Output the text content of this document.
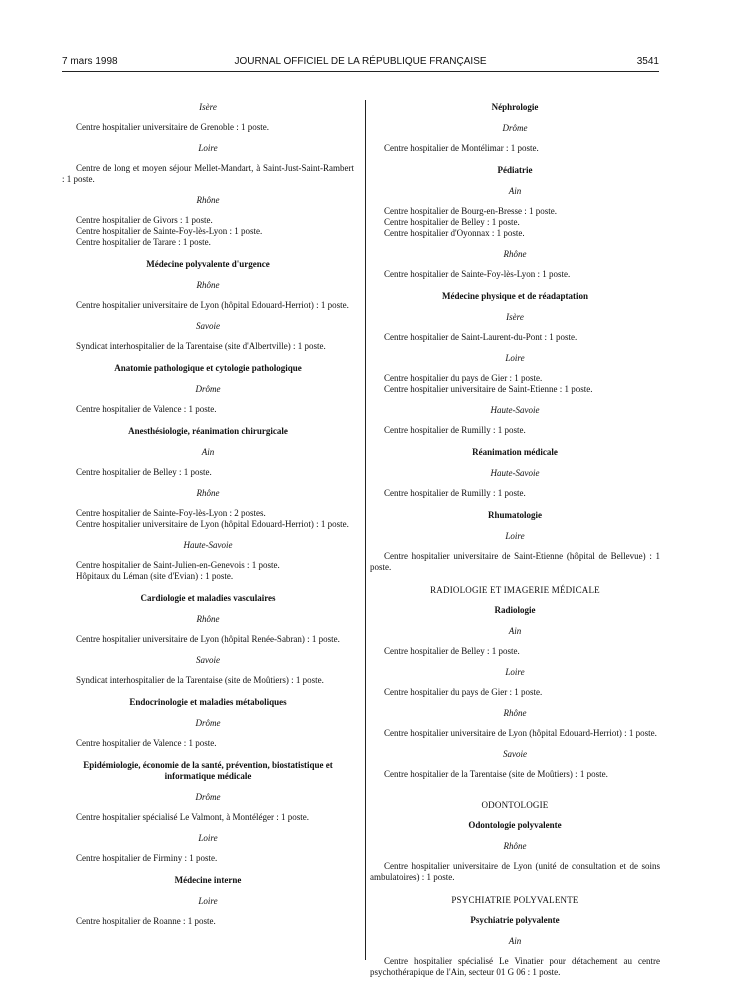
7 mars 1998	JOURNAL OFFICIEL DE LA RÉPUBLIQUE FRANÇAISE	3541

Isère

Centre hospitalier universitaire de Grenoble : 1 poste.

Loire

Centre de long et moyen séjour Mellet-Mandart, à Saint-Just-Saint-Rambert : 1 poste.

Rhône

Centre hospitalier de Givors : 1 poste.

Centre hospitalier de Sainte-Foy-lès-Lyon : 1 poste.

Centre hospitalier de Tarare : 1 poste.

Médecine polyvalente d'urgence

Rhône

Centre hospitalier universitaire de Lyon (hôpital Edouard-Herriot) : 1 poste.

Savoie

Syndicat interhospitalier de la Tarentaise (site d'Albertville) : 1 poste.

Anatomie pathologique et cytologie pathologique

Drôme

Centre hospitalier de Valence : 1 poste.

Anesthésiologie, réanimation chirurgicale

Ain

Centre hospitalier de Belley : 1 poste.

Rhône

Centre hospitalier de Sainte-Foy-lès-Lyon : 2 postes.

Centre hospitalier universitaire de Lyon (hôpital Edouard-Herriot) : 1 poste.

Haute-Savoie

Centre hospitalier de Saint-Julien-en-Genevois : 1 poste.

Hôpitaux du Léman (site d'Evian) : 1 poste.

Cardiologie et maladies vasculaires

Rhône

Centre hospitalier universitaire de Lyon (hôpital Renée-Sabran) : 1 poste.

Savoie

Syndicat interhospitalier de la Tarentaise (site de Moûtiers) : 1 poste.

Endocrinologie et maladies métaboliques

Drôme

Centre hospitalier de Valence : 1 poste.

Epidémiologie, économie de la santé, prévention, biostatistique et informatique médicale

Drôme

Centre hospitalier spécialisé Le Valmont, à Montéléger : 1 poste.

Loire

Centre hospitalier de Firminy : 1 poste.

Médecine interne

Loire

Centre hospitalier de Roanne : 1 poste.

Néphrologie

Drôme

Centre hospitalier de Montélimar : 1 poste.

Pédiatrie

Ain

Centre hospitalier de Bourg-en-Bresse : 1 poste.

Centre hospitalier de Belley : 1 poste.

Centre hospitalier d'Oyonnax : 1 poste.

Rhône

Centre hospitalier de Sainte-Foy-lès-Lyon : 1 poste.

Médecine physique et de réadaptation

Isère

Centre hospitalier de Saint-Laurent-du-Pont : 1 poste.

Loire

Centre hospitalier du pays de Gier : 1 poste.

Centre hospitalier universitaire de Saint-Etienne : 1 poste.

Haute-Savoie

Centre hospitalier de Rumilly : 1 poste.

Réanimation médicale

Haute-Savoie

Centre hospitalier de Rumilly : 1 poste.

Rhumatologie

Loire

Centre hospitalier universitaire de Saint-Etienne (hôpital de Bellevue) : 1 poste.

RADIOLOGIE ET IMAGERIE MÉDICALE

Radiologie

Ain

Centre hospitalier de Belley : 1 poste.

Loire

Centre hospitalier du pays de Gier : 1 poste.

Rhône

Centre hospitalier universitaire de Lyon (hôpital Edouard-Herriot) : 1 poste.

Savoie

Centre hospitalier de la Tarentaise (site de Moûtiers) : 1 poste.

ODONTOLOGIE

Odontologie polyvalente

Rhône

Centre hospitalier universitaire de Lyon (unité de consultation et de soins ambulatoires) : 1 poste.

PSYCHIATRIE POLYVALENTE

Psychiatrie polyvalente

Ain

Centre hospitalier spécialisé Le Vinatier pour détachement au centre psychothérapique de l'Ain, secteur 01 G 06 : 1 poste.
